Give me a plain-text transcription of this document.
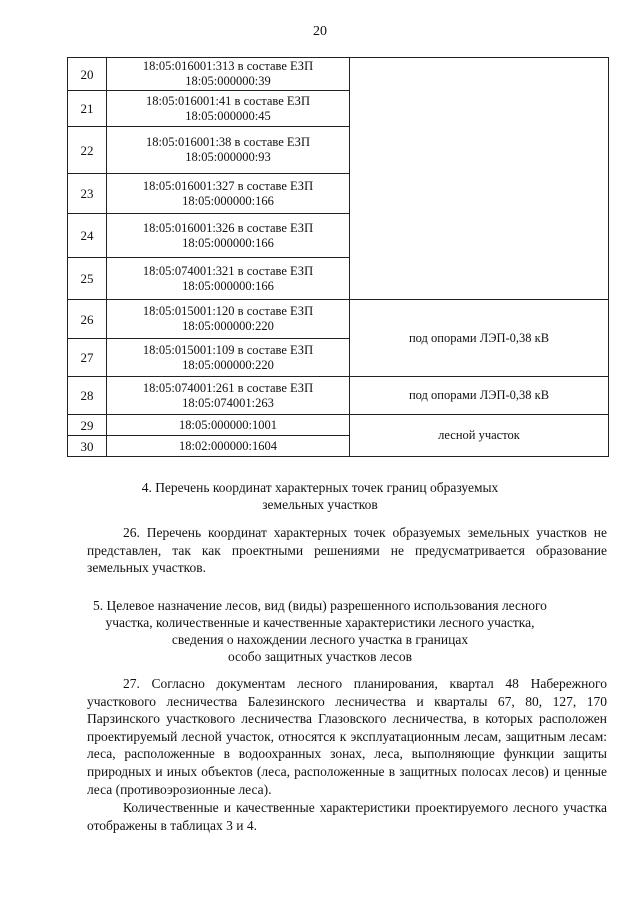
20
20	18:05:016001:313 в составе ЕЗП
18:05:000000:39	
21	18:05:016001:41 в составе ЕЗП
18:05:000000:45	
22	18:05:016001:38 в составе ЕЗП
18:05:000000:93	
23	18:05:016001:327 в составе ЕЗП
18:05:000000:166	
24	18:05:016001:326 в составе ЕЗП
18:05:000000:166	
25	18:05:074001:321 в составе ЕЗП
18:05:000000:166	
26	18:05:015001:120 в составе ЕЗП
18:05:000000:220	под опорами ЛЭП-0,38 кВ
27	18:05:015001:109 в составе ЕЗП
18:05:000000:220	
28	18:05:074001:261 в составе ЕЗП
18:05:074001:263	под опорами ЛЭП-0,38 кВ
29	18:05:000000:1001	лесной участок
30	18:02:000000:1604	
4. Перечень координат характерных точек границ образуемых
земельных участков
26. Перечень координат характерных точек образуемых земельных участков не представлен, так как проектными решениями не предусматривается образование земельных участков.
5. Целевое назначение лесов, вид (виды) разрешенного использования лесного
участка, количественные и качественные характеристики лесного участка,
сведения о нахождении лесного участка в границах
особо защитных участков лесов
27. Согласно документам лесного планирования, квартал 48 Набережного участкового лесничества Балезинского лесничества и кварталы 67, 80, 127, 170 Парзинского участкового лесничества Глазовского лесничества, в которых расположен проектируемый лесной участок, относятся к эксплуатационным лесам, защитным лесам: леса, расположенные в водоохранных зонах, леса, выполняющие функции защиты природных и иных объектов (леса, расположенные в защитных полосах лесов) и ценные леса (противоэрозионные леса).
Количественные и качественные характеристики проектируемого лесного участка отображены в таблицах 3 и 4.
